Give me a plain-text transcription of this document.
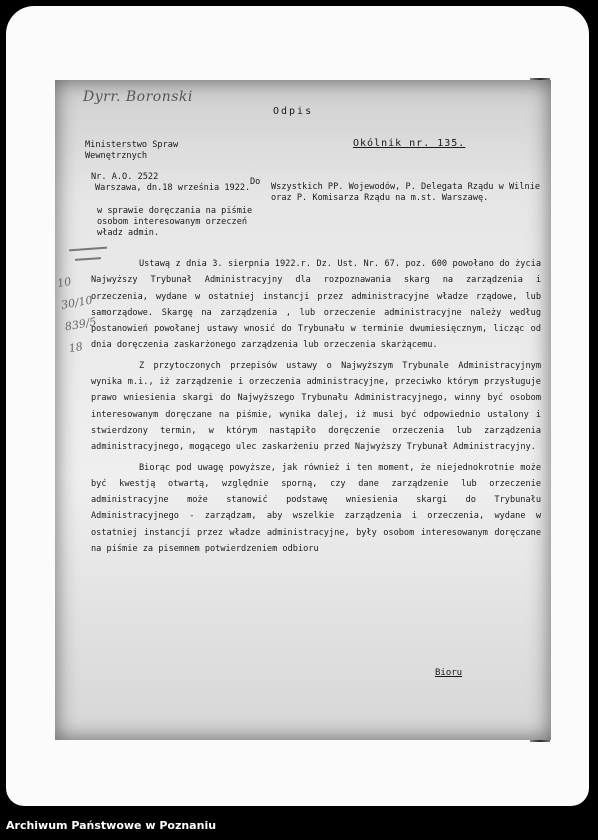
Dyrr. Boronski
Odpis
Okólnik nr. 135.
Ministerstwo Spraw Wewnętrznych
Nr. A.O. 2522
Warszawa, dn.18 września 1922.
Do Wszystkich PP. Wojewodów, P. Delegata Rządu w Wilnie oraz P. Komisarza Rządu na m.st. Warszawę.
w sprawie doręczania na piśmie osobom interesowanym orzeczeń władz admin.
10
30/10
839/5
18

Ustawą z dnia 3. sierpnia 1922.r. Dz. Ust. Nr. 67. poz. 600 powołano do życia Najwyższy Trybunał Administracyjny dla rozpoznawania skarg na zarządzenia i orzeczenia, wydane w ostatniej instancji przez administracyjne władze rządowe, lub samorządowe. Skargę na zarządzenia , lub orzeczenie administracyjne należy według postanowień powołanej ustawy wnosić do Trybunału w terminie dwumiesięcznym, licząc od dnia doręczenia zaskarżonego zarządzenia lub orzeczenia skarżącemu.

Z przytoczonych przepisów ustawy o Najwyższym Trybunale Administracyjnym wynika m.i., iż zarządzenie i orzeczenia administracyjne, przeciwko którym przysługuje prawo wniesienia skargi do Najwyższego Trybunału Administracyjnego, winny być osobom interesowanym doręczane na piśmie, wynika dalej, iż musi być odpowiednio ustalony i stwierdzony termin, w którym nastąpiło doręczenie orzeczenia lub zarządzenia administracyjnego, mogącego ulec zaskarżeniu przed Najwyższy Trybunał Administracyjny.

Biorąc pod uwagę powyższe, jak również i ten moment, że niejednokrotnie może być kwestją otwartą, względnie sporną, czy dane zarządzenie lub orzeczenie administracyjne może stanowić podstawę wniesienia skargi do Trybunału Administracyjnego - zarządzam, aby wszelkie zarządzenia i orzeczenia, wydane w ostatniej instancji przez władze administracyjne, były osobom interesowanym doręczane na piśmie za pisemnem potwierdzeniem odbioru

Bioru
Archiwum Państwowe w Poznaniu
